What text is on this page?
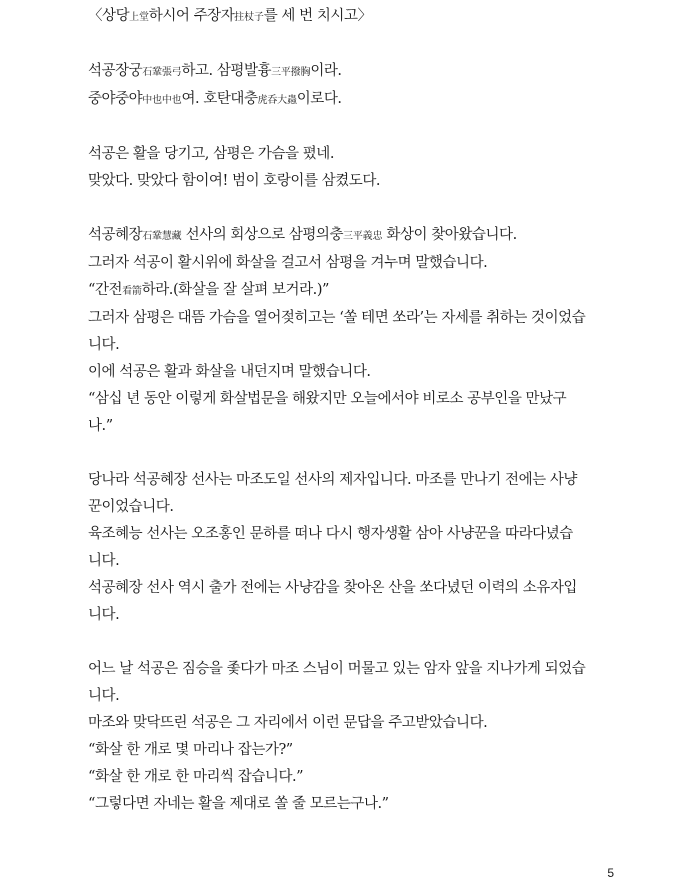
〈상당上堂하시어 주장자拄杖子를 세 번 치시고〉

석공장궁石鞏張弓하고. 삼평발흉三平撥胸이라.

중야중야中也中也여. 호탄대충虎呑大蟲이로다.

석공은 활을 당기고, 삼평은 가슴을 폈네.

맞았다. 맞았다 함이여! 범이 호랑이를 삼켰도다.

석공혜장石鞏慧藏 선사의 회상으로 삼평의충三平義忠 화상이 찾아왔습니다.

그러자 석공이 활시위에 화살을 걸고서 삼평을 겨누며 말했습니다.

“간전看箭하라.(화살을 잘 살펴 보거라.)”

그러자 삼평은 대뜸 가슴을 열어젖히고는 ‘쏠 테면 쏘라’는 자세를 취하는 것이었습

니다.

이에 석공은 활과 화살을 내던지며 말했습니다.

“삼십 년 동안 이렇게 화살법문을 해왔지만 오늘에서야 비로소 공부인을 만났구

나.”

당나라 석공혜장 선사는 마조도일 선사의 제자입니다. 마조를 만나기 전에는 사냥

꾼이었습니다.

육조혜능 선사는 오조홍인 문하를 떠나 다시 행자생활 삼아 사냥꾼을 따라다녔습

니다.

석공혜장 선사 역시 출가 전에는 사냥감을 찾아온 산을 쏘다녔던 이력의 소유자입

니다.

어느 날 석공은 짐승을 좇다가 마조 스님이 머물고 있는 암자 앞을 지나가게 되었습

니다.

마조와 맞닥뜨린 석공은 그 자리에서 이런 문답을 주고받았습니다.

“화살 한 개로 몇 마리나 잡는가?”

“화살 한 개로 한 마리씩 잡습니다.”

“그렇다면 자네는 활을 제대로 쏠 줄 모르는구나.”

5
